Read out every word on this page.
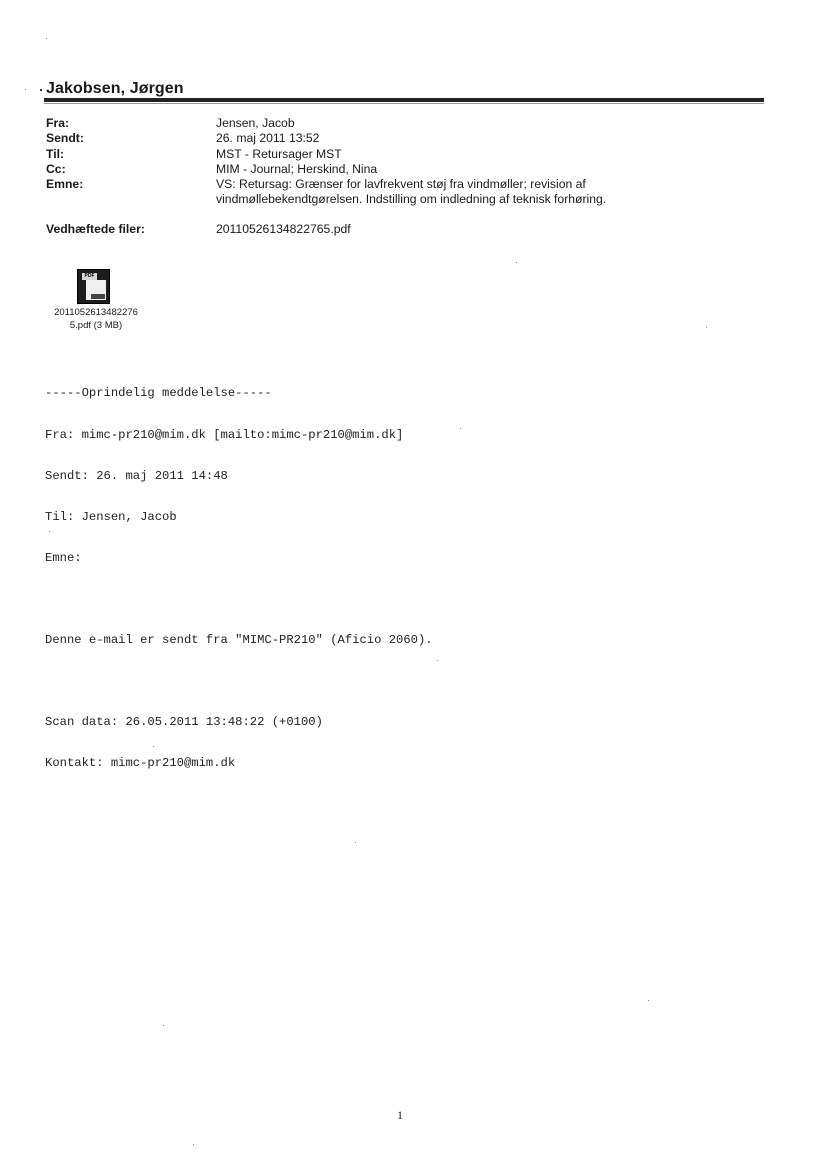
Jakobsen, Jørgen
Fra:	Jensen, Jacob
Sendt:	26. maj 2011 13:52
Til:	MST - Retursager MST
Cc:	MIM - Journal; Herskind, Nina
Emne:	VS: Retursag: Grænser for lavfrekvent støj fra vindmøller; revision af
vindmøllebekendtgørelsen. Indstilling om indledning af teknisk forhøring.
Vedhæftede filer:	20110526134822765.pdf
PDF
2011052613482276
5.pdf (3 MB)

-----Oprindelig meddelelse-----

Fra: mimc-pr210@mim.dk [mailto:mimc-pr210@mim.dk]

Sendt: 26. maj 2011 14:48

Til: Jensen, Jacob

Emne:

Denne e-mail er sendt fra "MIMC-PR210" (Aficio 2060).

Scan data: 26.05.2011 13:48:22 (+0100)

Kontakt: mimc-pr210@mim.dk

1
